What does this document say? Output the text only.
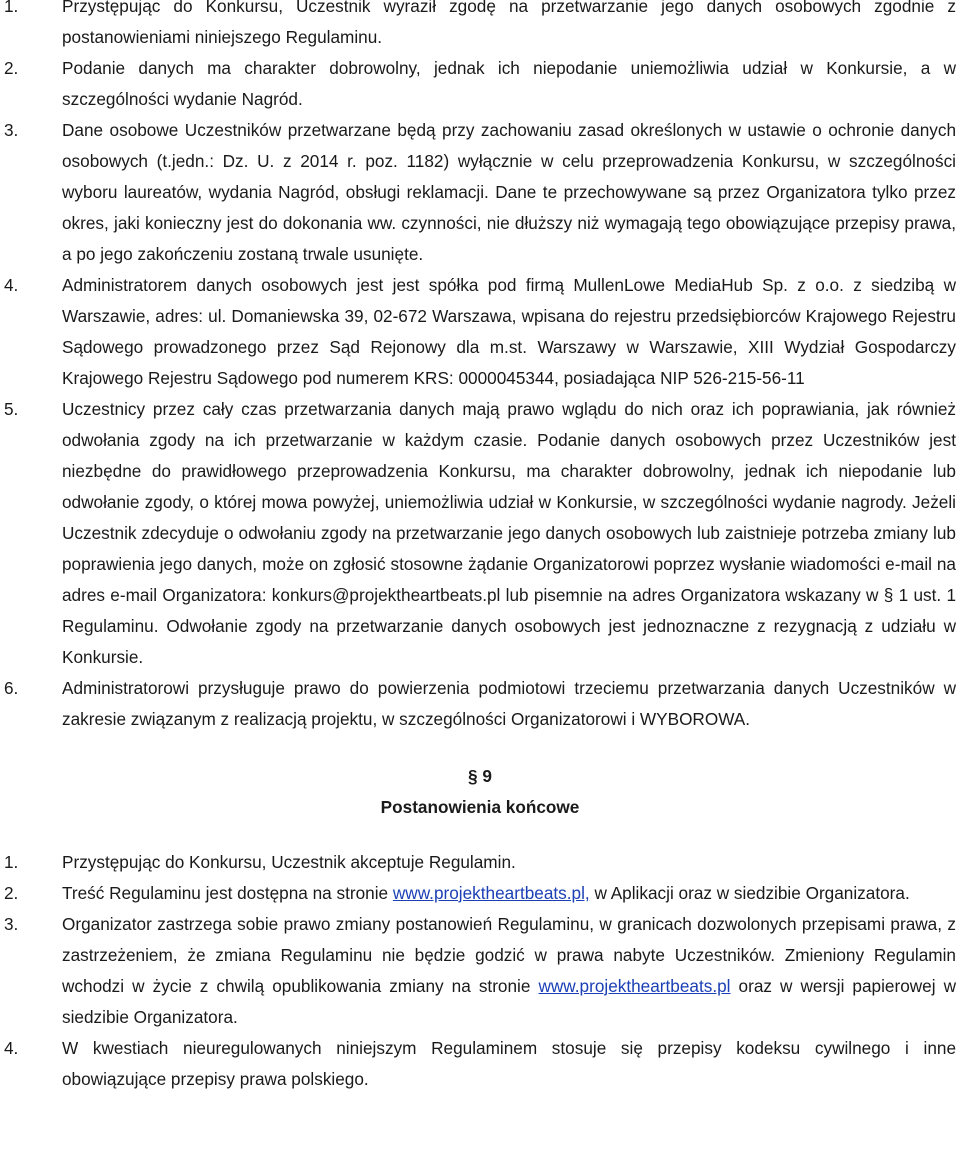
1.	Przystępując do Konkursu, Uczestnik wyraził zgodę na przetwarzanie jego danych osobowych zgodnie z postanowieniami niniejszego Regulaminu.
2.	Podanie danych ma charakter dobrowolny, jednak ich niepodanie uniemożliwia udział w Konkursie, a w szczególności wydanie Nagród.
3.	Dane osobowe Uczestników przetwarzane będą przy zachowaniu zasad określonych w ustawie o ochronie danych osobowych (t.jedn.: Dz. U. z 2014 r. poz. 1182) wyłącznie w celu przeprowadzenia Konkursu, w szczególności wyboru laureatów, wydania Nagród, obsługi reklamacji. Dane te przechowywane są przez Organizatora tylko przez okres, jaki konieczny jest do dokonania ww. czynności, nie dłuższy niż wymagają tego obowiązujące przepisy prawa, a po jego zakończeniu zostaną trwale usunięte.
4.	Administratorem danych osobowych jest jest spółka pod firmą MullenLowe MediaHub Sp. z o.o. z siedzibą w Warszawie, adres: ul. Domaniewska 39, 02-672 Warszawa, wpisana do rejestru przedsiębiorców Krajowego Rejestru Sądowego prowadzonego przez Sąd Rejonowy dla m.st. Warszawy w Warszawie, XIII Wydział Gospodarczy Krajowego Rejestru Sądowego pod numerem KRS: 0000045344, posiadająca NIP 526-215-56-11
5.	Uczestnicy przez cały czas przetwarzania danych mają prawo wglądu do nich oraz ich poprawiania, jak również odwołania zgody na ich przetwarzanie w każdym czasie. Podanie danych osobowych przez Uczestników jest niezbędne do prawidłowego przeprowadzenia Konkursu, ma charakter dobrowolny, jednak ich niepodanie lub odwołanie zgody, o której mowa powyżej, uniemożliwia udział w Konkursie, w szczególności wydanie nagrody. Jeżeli Uczestnik zdecyduje o odwołaniu zgody na przetwarzanie jego danych osobowych lub zaistnieje potrzeba zmiany lub poprawienia jego danych, może on zgłosić stosowne żądanie Organizatorowi poprzez wysłanie wiadomości e-mail na adres e-mail Organizatora: konkurs@projektheartbeats.pl lub pisemnie na adres Organizatora wskazany w § 1 ust. 1 Regulaminu. Odwołanie zgody na przetwarzanie danych osobowych jest jednoznaczne z rezygnacją z udziału w Konkursie.
6.	Administratorowi przysługuje prawo do powierzenia podmiotowi trzeciemu przetwarzania danych Uczestników w zakresie związanym z realizacją projektu, w szczególności Organizatorowi i WYBOROWA.
§ 9
Postanowienia końcowe
1.	Przystępując do Konkursu, Uczestnik akceptuje Regulamin.
2.	Treść Regulaminu jest dostępna na stronie www.projektheartbeats.pl, w Aplikacji oraz w siedzibie Organizatora.
3.	Organizator zastrzega sobie prawo zmiany postanowień Regulaminu, w granicach dozwolonych przepisami prawa, z zastrzeżeniem, że zmiana Regulaminu nie będzie godzić w prawa nabyte Uczestników. Zmieniony Regulamin wchodzi w życie z chwilą opublikowania zmiany na stronie www.projektheartbeats.pl oraz w wersji papierowej w siedzibie Organizatora.
4.	W kwestiach nieuregulowanych niniejszym Regulaminem stosuje się przepisy kodeksu cywilnego i inne obowiązujące przepisy prawa polskiego.
